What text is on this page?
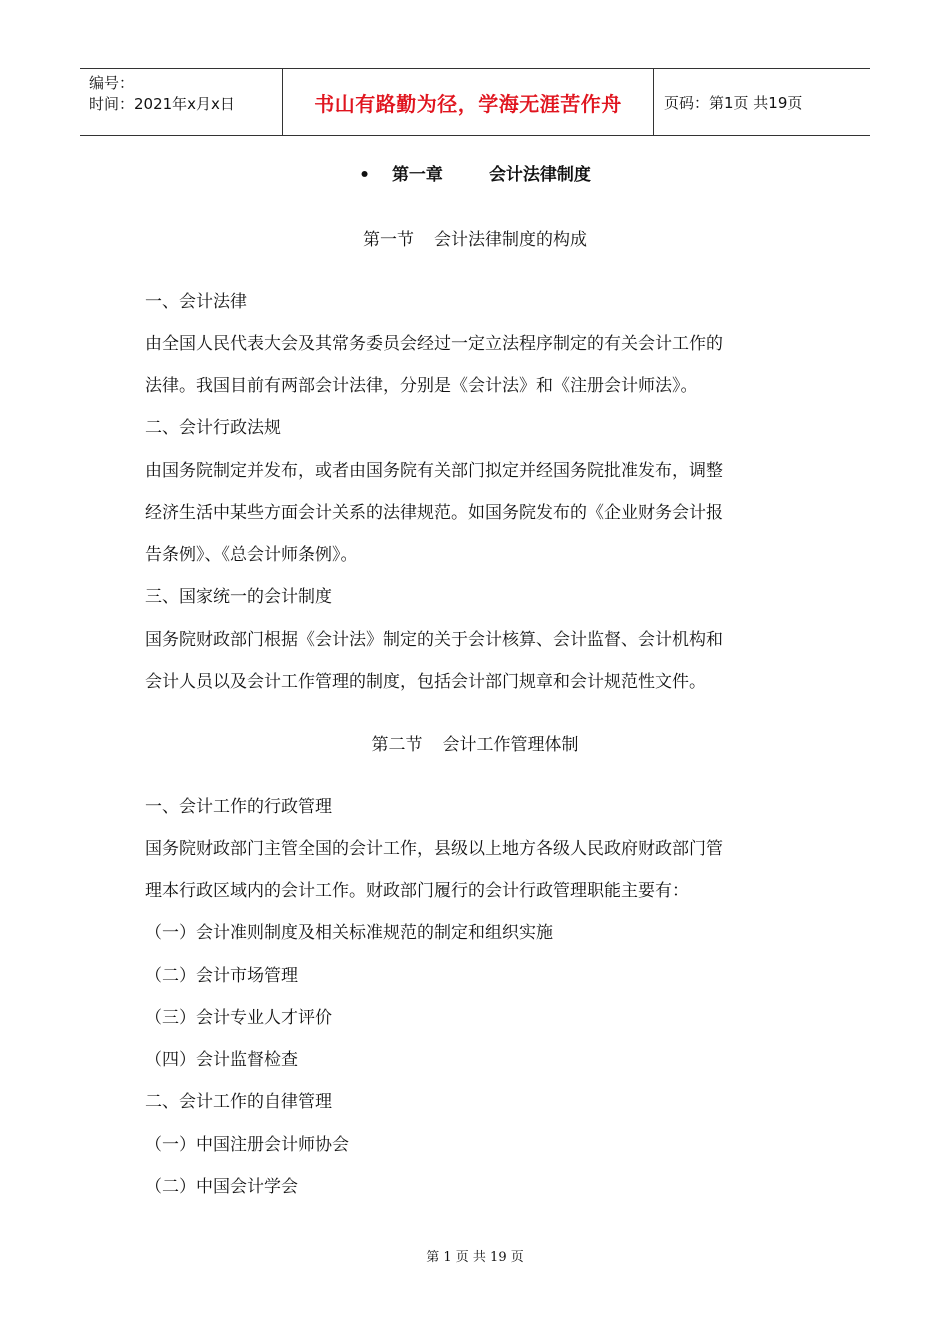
编号：
时间：2021年x月x日	书山有路勤为径，学海无涯苦作舟	页码：第1页 共19页
• 第一章	会计法律制度
第一节 会计法律制度的构成
一、会计法律
由全国人民代表大会及其常务委员会经过一定立法程序制定的有关会计工作的
法律。我国目前有两部会计法律，分别是《会计法》和《注册会计师法》。
二、会计行政法规
由国务院制定并发布，或者由国务院有关部门拟定并经国务院批准发布，调整
经济生活中某些方面会计关系的法律规范。如国务院发布的《企业财务会计报
告条例》、《总会计师条例》。
三、国家统一的会计制度
国务院财政部门根据《会计法》制定的关于会计核算、会计监督、会计机构和
会计人员以及会计工作管理的制度，包括会计部门规章和会计规范性文件。
第二节 会计工作管理体制
一、会计工作的行政管理
国务院财政部门主管全国的会计工作，县级以上地方各级人民政府财政部门管
理本行政区域内的会计工作。财政部门履行的会计行政管理职能主要有：
（一）会计准则制度及相关标准规范的制定和组织实施
（二）会计市场管理
（三）会计专业人才评价
（四）会计监督检查
二、会计工作的自律管理
（一）中国注册会计师协会
（二）中国会计学会
第 1 页 共 19 页
